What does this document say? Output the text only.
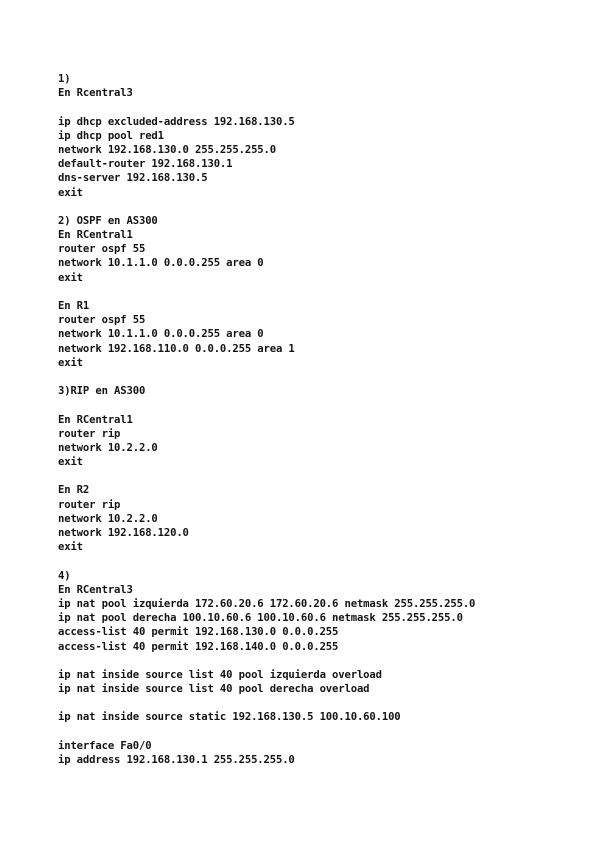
1)
En Rcentral3
ip dhcp excluded-address 192.168.130.5
ip dhcp pool red1
network 192.168.130.0 255.255.255.0
default-router 192.168.130.1
dns-server 192.168.130.5
exit
2) OSPF en AS300
En RCentral1
router ospf 55
network 10.1.1.0 0.0.0.255 area 0
exit
En R1
router ospf 55
network 10.1.1.0 0.0.0.255 area 0
network 192.168.110.0 0.0.0.255 area 1
exit
3)RIP en AS300
En RCentral1
router rip
network 10.2.2.0
exit
En R2
router rip
network 10.2.2.0
network 192.168.120.0
exit
4)
En RCentral3
ip nat pool izquierda 172.60.20.6 172.60.20.6 netmask 255.255.255.0
ip nat pool derecha 100.10.60.6 100.10.60.6 netmask 255.255.255.0
access-list 40 permit 192.168.130.0 0.0.0.255
access-list 40 permit 192.168.140.0 0.0.0.255
ip nat inside source list 40 pool izquierda overload
ip nat inside source list 40 pool derecha overload
ip nat inside source static 192.168.130.5 100.10.60.100
interface Fa0/0
ip address 192.168.130.1 255.255.255.0
